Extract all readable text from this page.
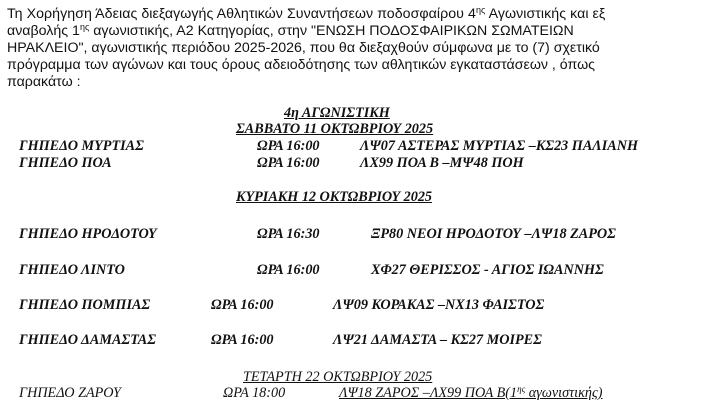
Τη Χορήγηση Άδειας διεξαγωγής Αθλητικών Συναντήσεων ποδοσφαίρου $4^{\eta\varsigma}$ Αγωνιστικής και εξ
αναβολής $1^{\eta\varsigma}$ αγωνιστικής, Α2 Κατηγορίας, στην "ΕΝΩΣΗ ΠΟΔΟΣΦΑΙΡΙΚΩΝ ΣΩΜΑΤΕΙΩΝ
ΗΡΑΚΛΕΙΟ", αγωνιστικής περιόδου 2025-2026, που θα διεξαχθούν σύμφωνα με το (7) σχετικό
πρόγραμμα των αγώνων και τους όρους αδειοδότησης των αθλητικών εγκαταστάσεων , όπως
παρακάτω :
4η ΑΓΩΝΙΣΤΙΚΗ
ΣΑΒΒΑΤΟ 11 ΟΚΤΩΒΡΙΟΥ 2025
ΓΗΠΕΔΟ ΜΥΡΤΙΑΣ	ΩΡΑ 16:00	ΛΨ07 ΑΣΤΕΡΑΣ ΜΥΡΤΙΑΣ –ΚΣ23 ΠΑΛΙΑΝΗ
ΓΗΠΕΔΟ ΠΟΑ	ΩΡΑ 16:00	ΛΧ99 ΠΟΑ Β –ΜΨ48 ΠΟΗ
ΚΥΡΙΑΚΗ 12 ΟΚΤΩΒΡΙΟΥ 2025
ΓΗΠΕΔΟ ΗΡΟΔΟΤΟΥ	ΩΡΑ 16:30	ΞΡ80 ΝΕΟΙ ΗΡΟΔΟΤΟΥ –ΛΨ18 ΖΑΡΟΣ
ΓΗΠΕΔΟ ΛΙΝΤΟ	ΩΡΑ 16:00	ΧΦ27 ΘΕΡΙΣΣΟΣ - ΑΓΙΟΣ ΙΩΑΝΝΗΣ
ΓΗΠΕΔΟ ΠΟΜΠΙΑΣ	ΩΡΑ 16:00	ΛΨ09 ΚΟΡΑΚΑΣ –ΝΧ13 ΦΑΙΣΤΟΣ
ΓΗΠΕΔΟ ΔΑΜΑΣΤΑΣ	ΩΡΑ 16:00	ΛΨ21 ΔΑΜΑΣΤΑ – ΚΣ27 ΜΟΙΡΕΣ
ΤΕΤΑΡΤΗ 22 ΟΚΤΩΒΡΙΟΥ 2025
ΓΗΠΕΔΟ ΖΑΡΟΥ	ΩΡΑ 18:00	ΛΨ18 ΖΑΡΟΣ –ΛΧ99 ΠΟΑ $B(1^{\eta\varsigma}$ αγωνιστικής)
